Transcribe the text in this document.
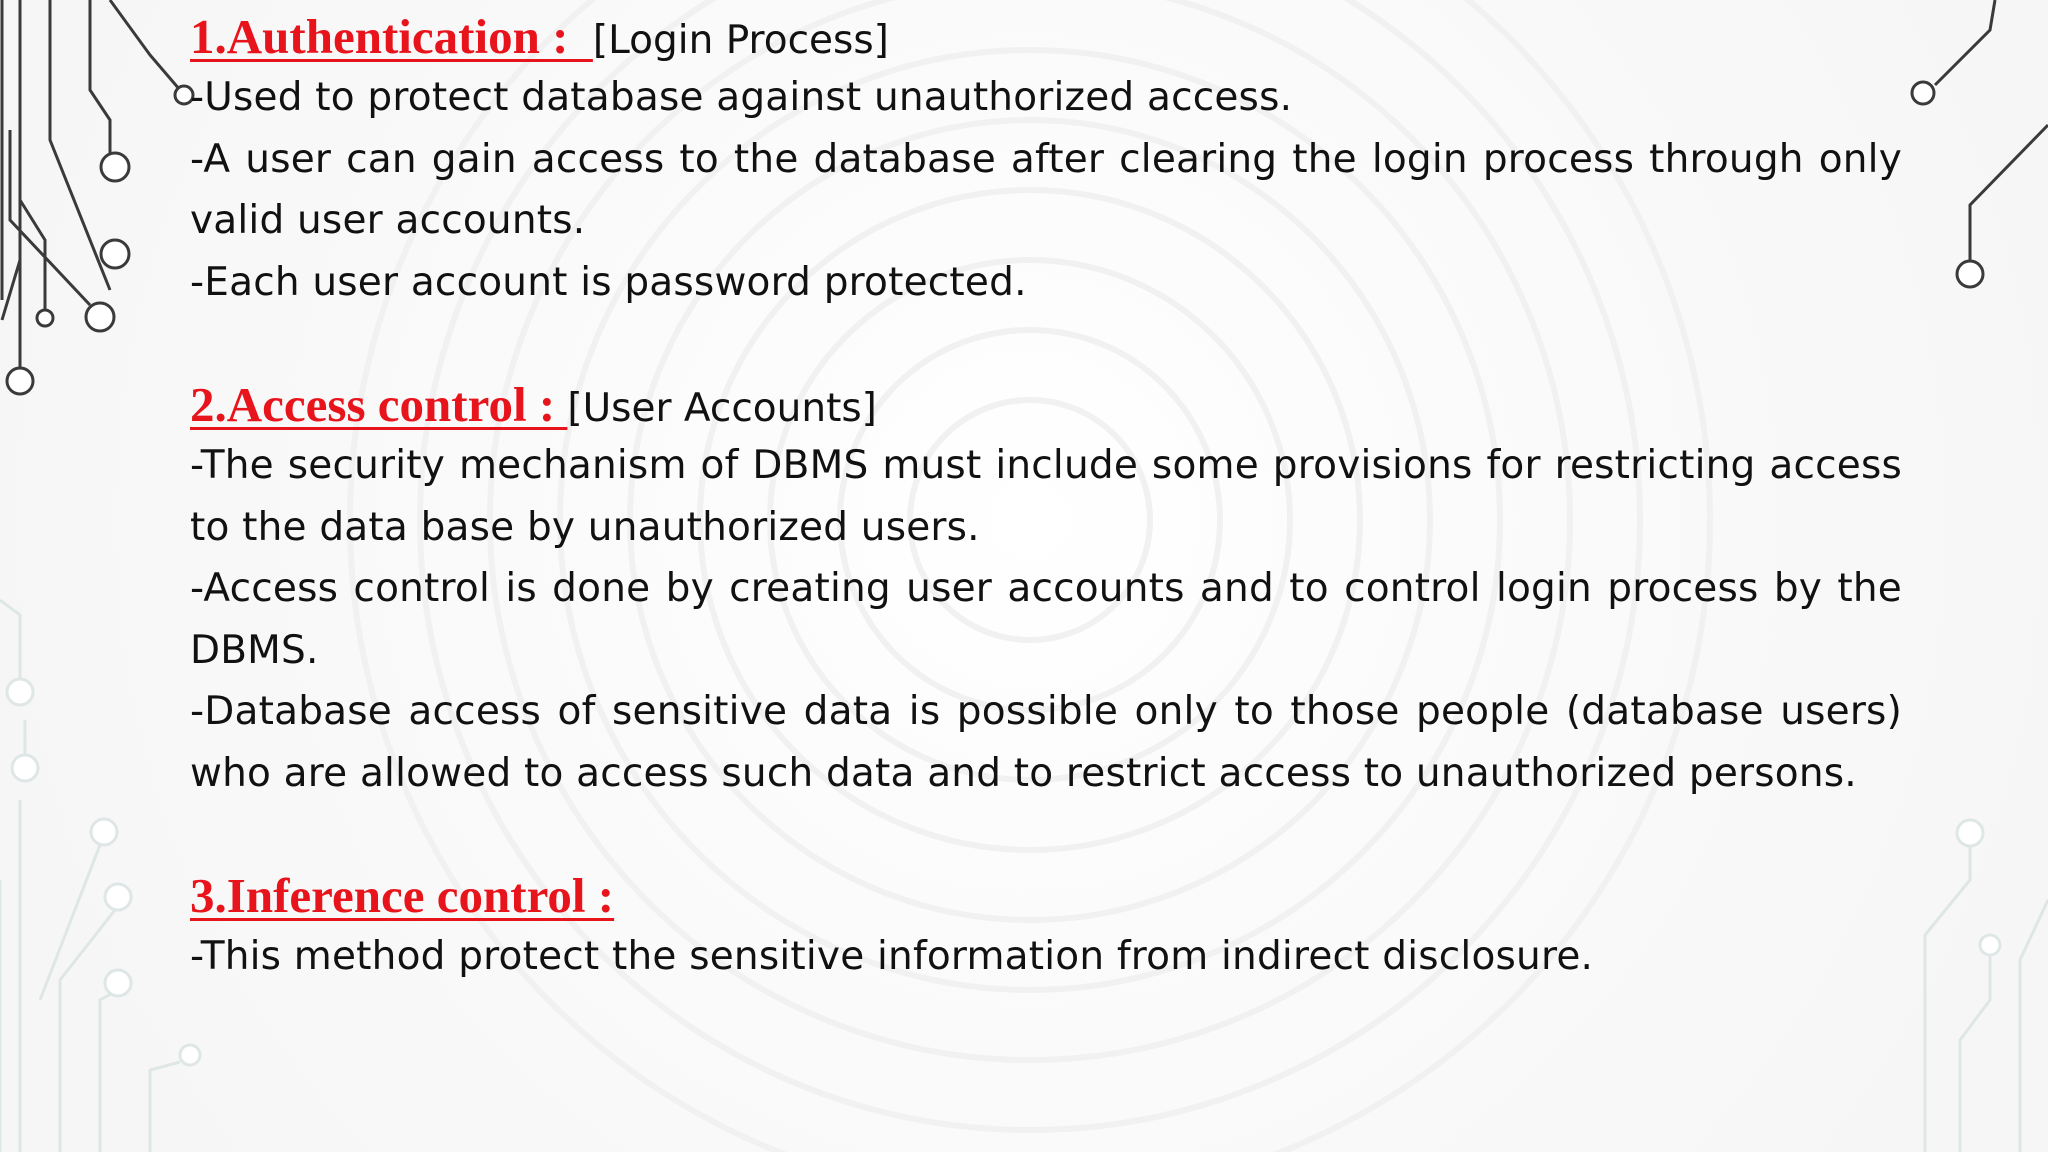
1.Authentication :  [Login Process]

-Used to protect database against unauthorized access.

-A user can gain access to the database after clearing the login process through only valid user accounts.

-Each user account is password protected.

2.Access control : [User Accounts]

-The security mechanism of DBMS must include some provisions for restricting access to the data base by unauthorized users.

-Access control is done by creating user accounts and to control login process by the DBMS.

-Database access of sensitive data is possible only to those people (database users) who are allowed to access such data and to restrict access to unauthorized persons.

3.Inference control :

-This method protect the sensitive information from indirect disclosure.
